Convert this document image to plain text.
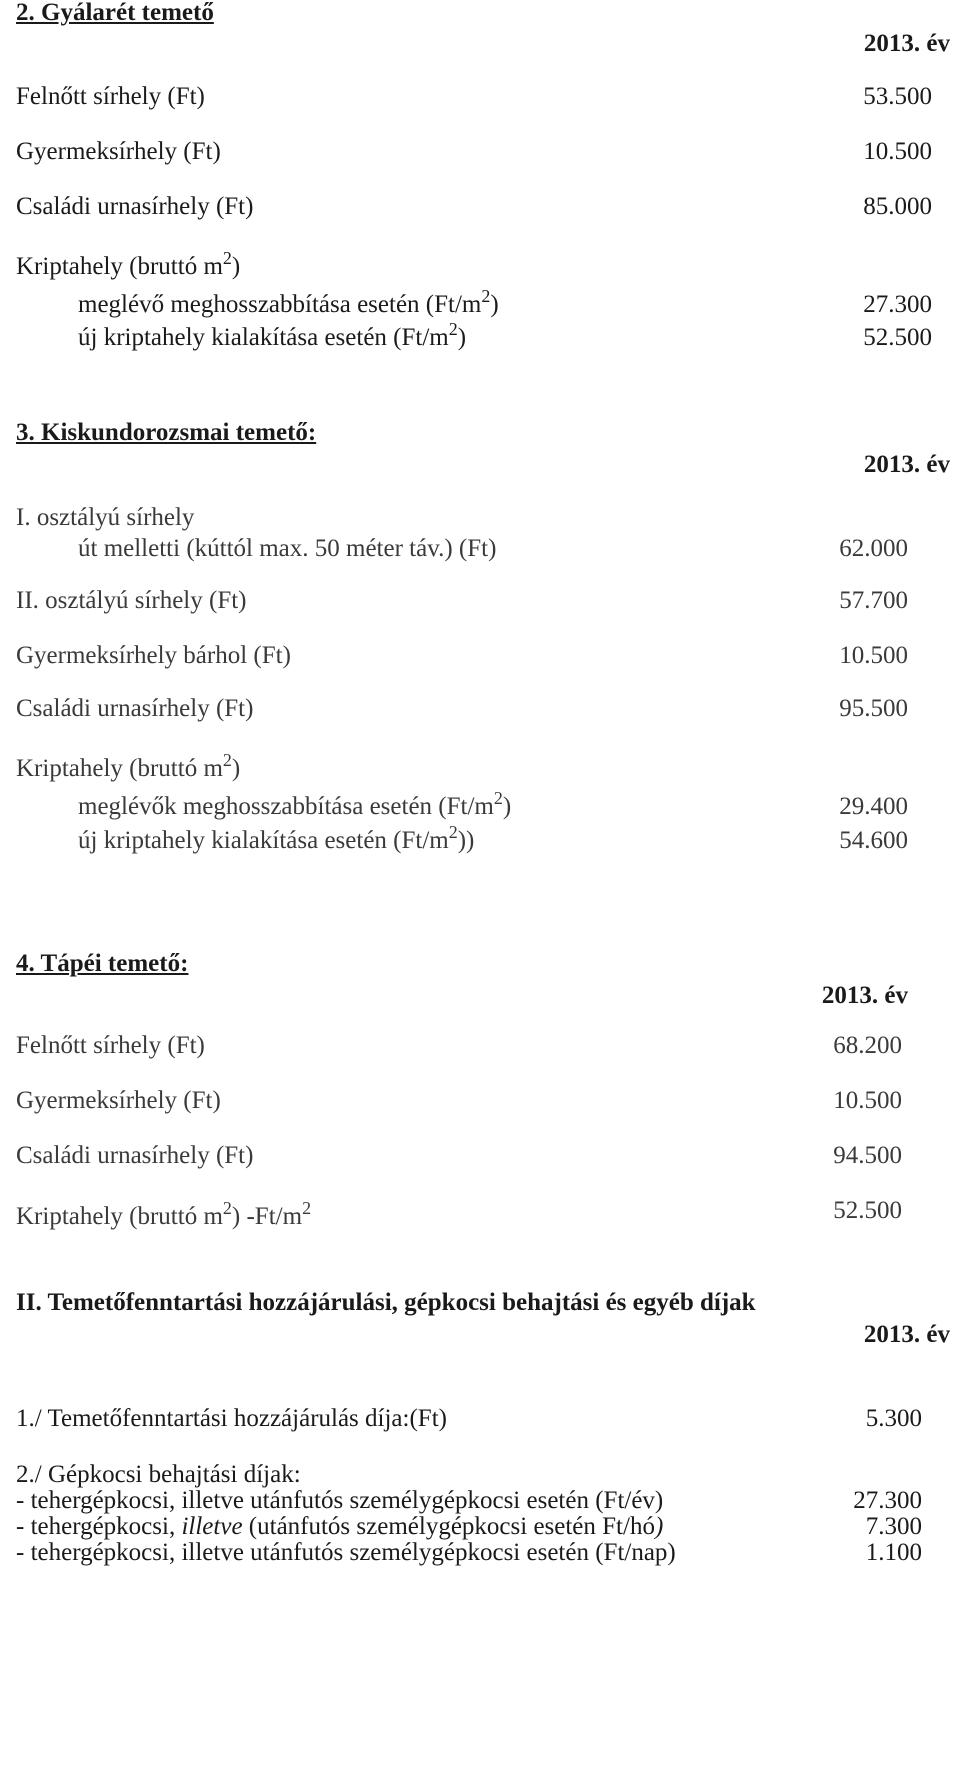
2. Gyálarét temető
2013. év
Felnőtt sírhely (Ft)	53.500
Gyermeksírhely (Ft)	10.500
Családi urnasírhely (Ft)	85.000
Kriptahely (bruttó $m^2$)
meglévő meghosszabbítása esetén $(Ft/m^2)$	27.300
új kriptahely kialakítása esetén $(Ft/m^2)$	52.500
3. Kiskundorozsmai temető:
2013. év
I. osztályú sírhely
út melletti (kúttól max. 50 méter táv.) (Ft)	62.000
II. osztályú sírhely (Ft)	57.700
Gyermeksírhely bárhol (Ft)	10.500
Családi urnasírhely (Ft)	95.500
Kriptahely (bruttó $m^2$)
meglévők meghosszabbítása esetén $(Ft/m^2)$	29.400
új kriptahely kialakítása esetén $(Ft/m^2)$)	54.600
4. Tápéi temető:
2013. év
Felnőtt sírhely (Ft)	68.200
Gyermeksírhely (Ft)	10.500
Családi urnasírhely (Ft)	94.500
Kriptahely (bruttó $m^2$) $-Ft/m^2$	52.500
II. Temetőfenntartási hozzájárulási, gépkocsi behajtási és egyéb díjak
2013. év
1./ Temetőfenntartási hozzájárulás díja:(Ft)	5.300
2./ Gépkocsi behajtási díjak:
- tehergépkocsi, illetve utánfutós személygépkocsi esetén (Ft/év)	27.300
- tehergépkocsi, illetve (utánfutós személygépkocsi esetén Ft/hó)	7.300
- tehergépkocsi, illetve utánfutós személygépkocsi esetén (Ft/nap)	1.100
